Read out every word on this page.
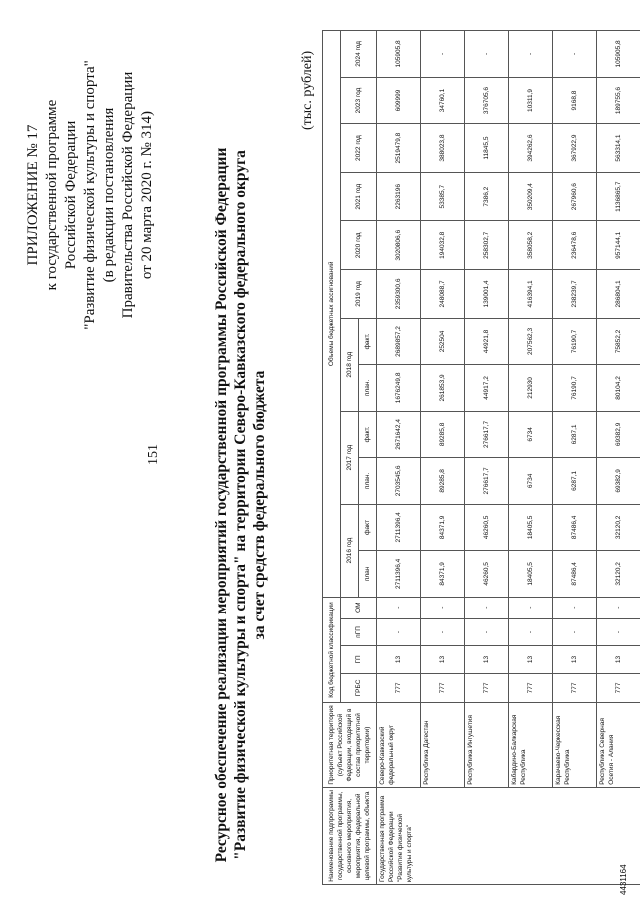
151
ПРИЛОЖЕНИЕ № 17 к государственной программе Российской Федерации "Развитие физической культуры и спорта" (в редакции постановления Правительства Российской Федерации от 20 марта 2020 г. № 314)	Ресурсное обеспечение реализации мероприятий государственной программы Российской Федерации "Развитие физической культуры и спорта" на территории Северо-Кавказского федерального округа за счет средств федерального бюджета
(тыс. рублей)
Наименование подпрограммы государственной программы, основного мероприятия, мероприятия, федеральной целевой программы, объекта	Приоритетная территория (субъект Российской Федерации, входящий в состав приоритетной территории)	Код бюджетной классификации				Объемы бюджетных ассигнований											
		ГРБС	ГП	пГП	ОМ	2016 год		2017 год		2018 год		2019 год	2020 год	2021 год	2022 год	2023 год	2024 год
						план	факт	план.	факт.	план.	факт.						
Государственная программа Российской Федерации "Развитие физической культуры и спорта"	Северо-Кавказский федеральный округ	777	13	-	-	2711396,4	2711396,4	2703545,6	2671642,4	1676249,8	2689857,2	2359300,6	3020806,6	2263196	2519479,8	609999	105905,8
	Республика Дагестан	777	13	-	-	84371,9	84371,9	89285,8	89285,8	261853,9	252504	248088,7	194032,8	53385,7	388023,8	34760,1	-
	Республика Ингушетия	777	13	-	-	46260,5	46260,5	276617,7	276617,7	44917,2	44921,8	139001,4	258302,7	7386,2	11845,5	376705,6	-
	Кабардино-Балкарская Республика	777	13	-	-	18405,5	18405,5	6734	6734	212930	207562,3	416394,1	358058,2	350209,4	394262,6	10311,9	-
	Карачаево-Черкесская Республика	777	13	-	-	87486,4	87486,4	6287,1	6287,1	76190,7	76190,7	238239,7	236478,6	267960,6	367922,9	9168,8	-
	Республика Северная Осетия - Алания	777	13	-	-	32120,2	32120,2	69382,9	69382,9	80104,2	75852,2	286804,1	957144,1	1136865,7	563314,1	189755,6	105905,8
4431164
